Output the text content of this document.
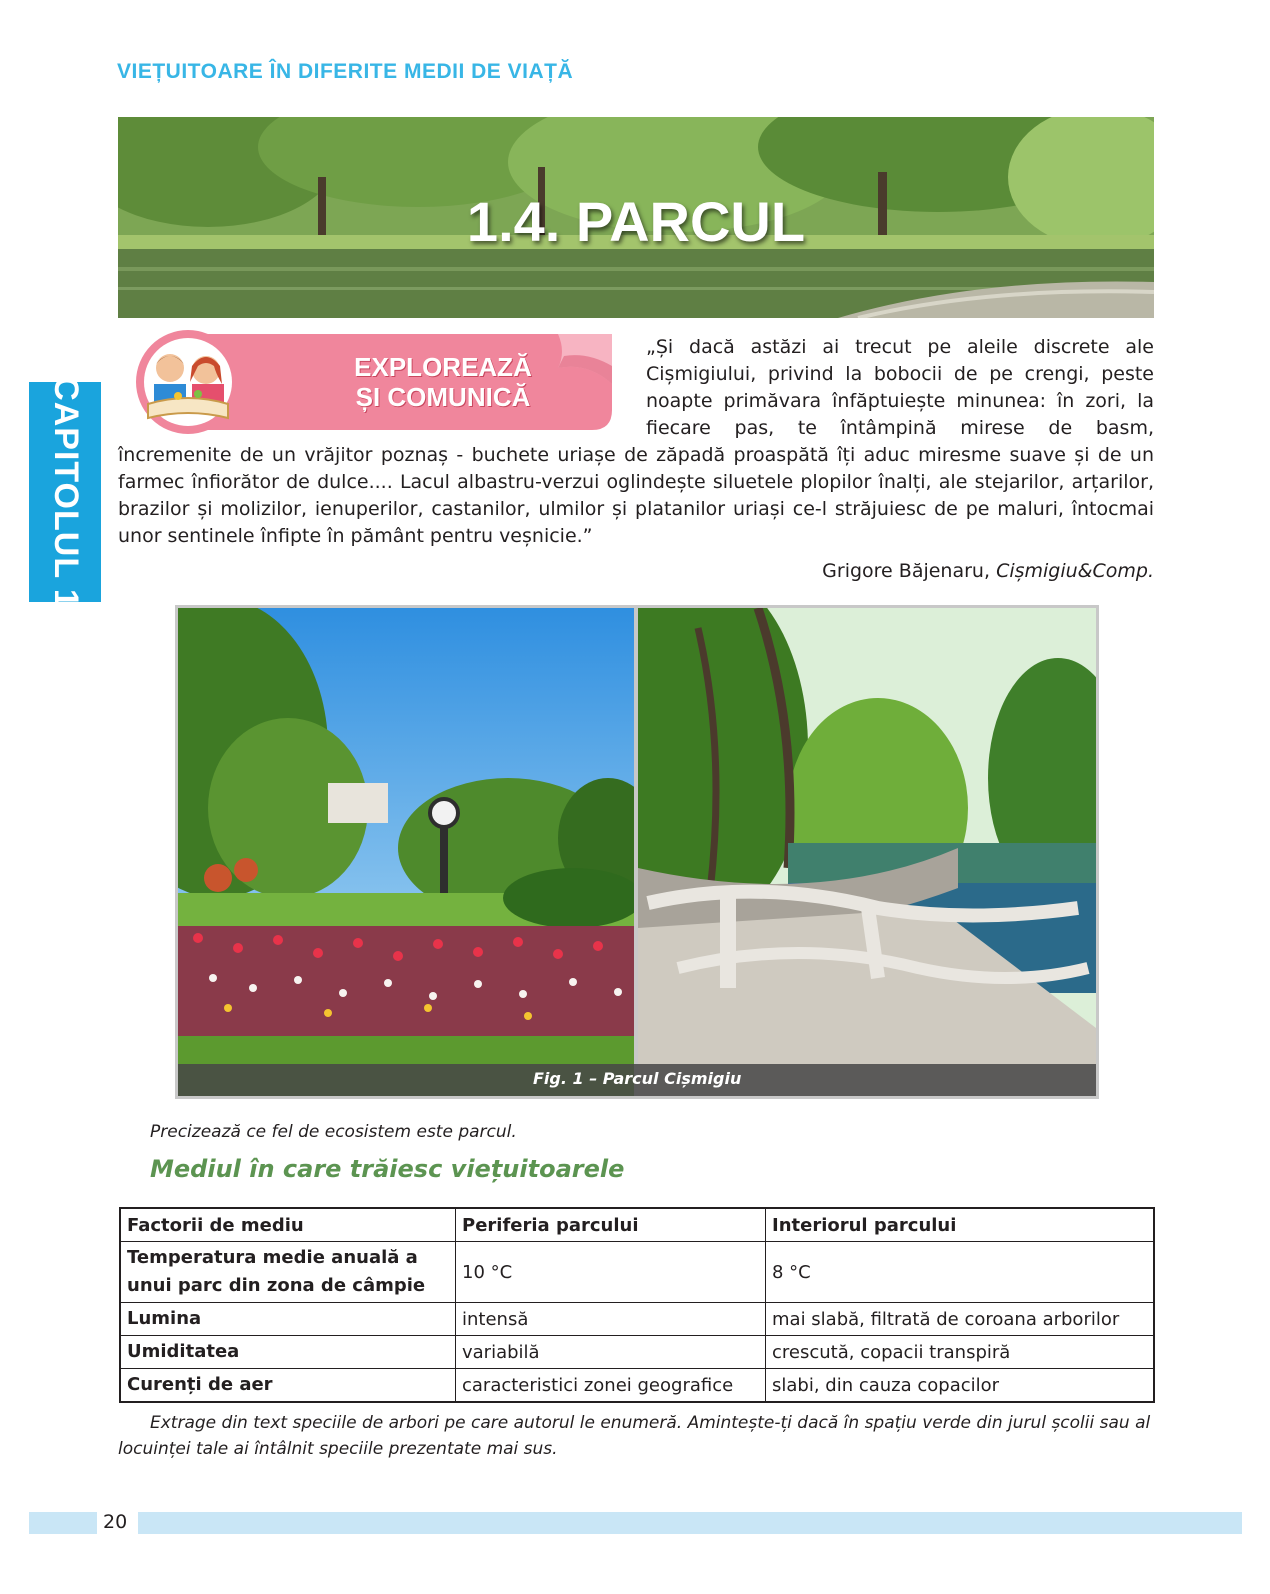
VIEȚUITOARE ÎN DIFERITE MEDII DE VIAȚĂ
1.4. PARCUL
CAPITOLUL 1
EXPLOREAZĂ
ȘI COMUNICĂ
„Și dacă astăzi ai trecut pe aleile discrete ale Cișmigiului, privind la bobocii de pe crengi, peste noapte primăvara înfăptuiește minunea: în zori, la fiecare pas, te întâmpină mirese de basm, încremenite de un vrăjitor poznaș - buchete uriașe de zăpadă proaspătă îți aduc miresme suave și de un farmec înfiorător de dulce.... Lacul albastru-verzui oglindește siluetele plopilor înalți, ale stejarilor, arțarilor, brazilor și molizilor, ienuperilor, castanilor, ulmilor și platanilor uriași ce-l străjuiesc de pe maluri, întocmai unor sentinele înfipte în pământ pentru veșnicie.”
Grigore Băjenaru, Cișmigiu&Comp.
Fig. 1 – Parcul Cișmigiu
Precizează ce fel de ecosistem este parcul.
Mediul în care trăiesc viețuitoarele
Factorii de mediu	Periferia parcului	Interiorul parcului
Temperatura medie anuală a unui parc din zona de câmpie	10 °C	8 °C
Lumina	intensă	mai slabă, filtrată de coroana arborilor
Umiditatea	variabilă	crescută, copacii transpiră
Curenți de aer	caracteristici zonei geografice	slabi, din cauza copacilor
Extrage din text speciile de arbori pe care autorul le enumeră. Amintește-ți dacă în spațiu verde din jurul școlii sau al locuinței tale ai întâlnit speciile prezentate mai sus.
20
